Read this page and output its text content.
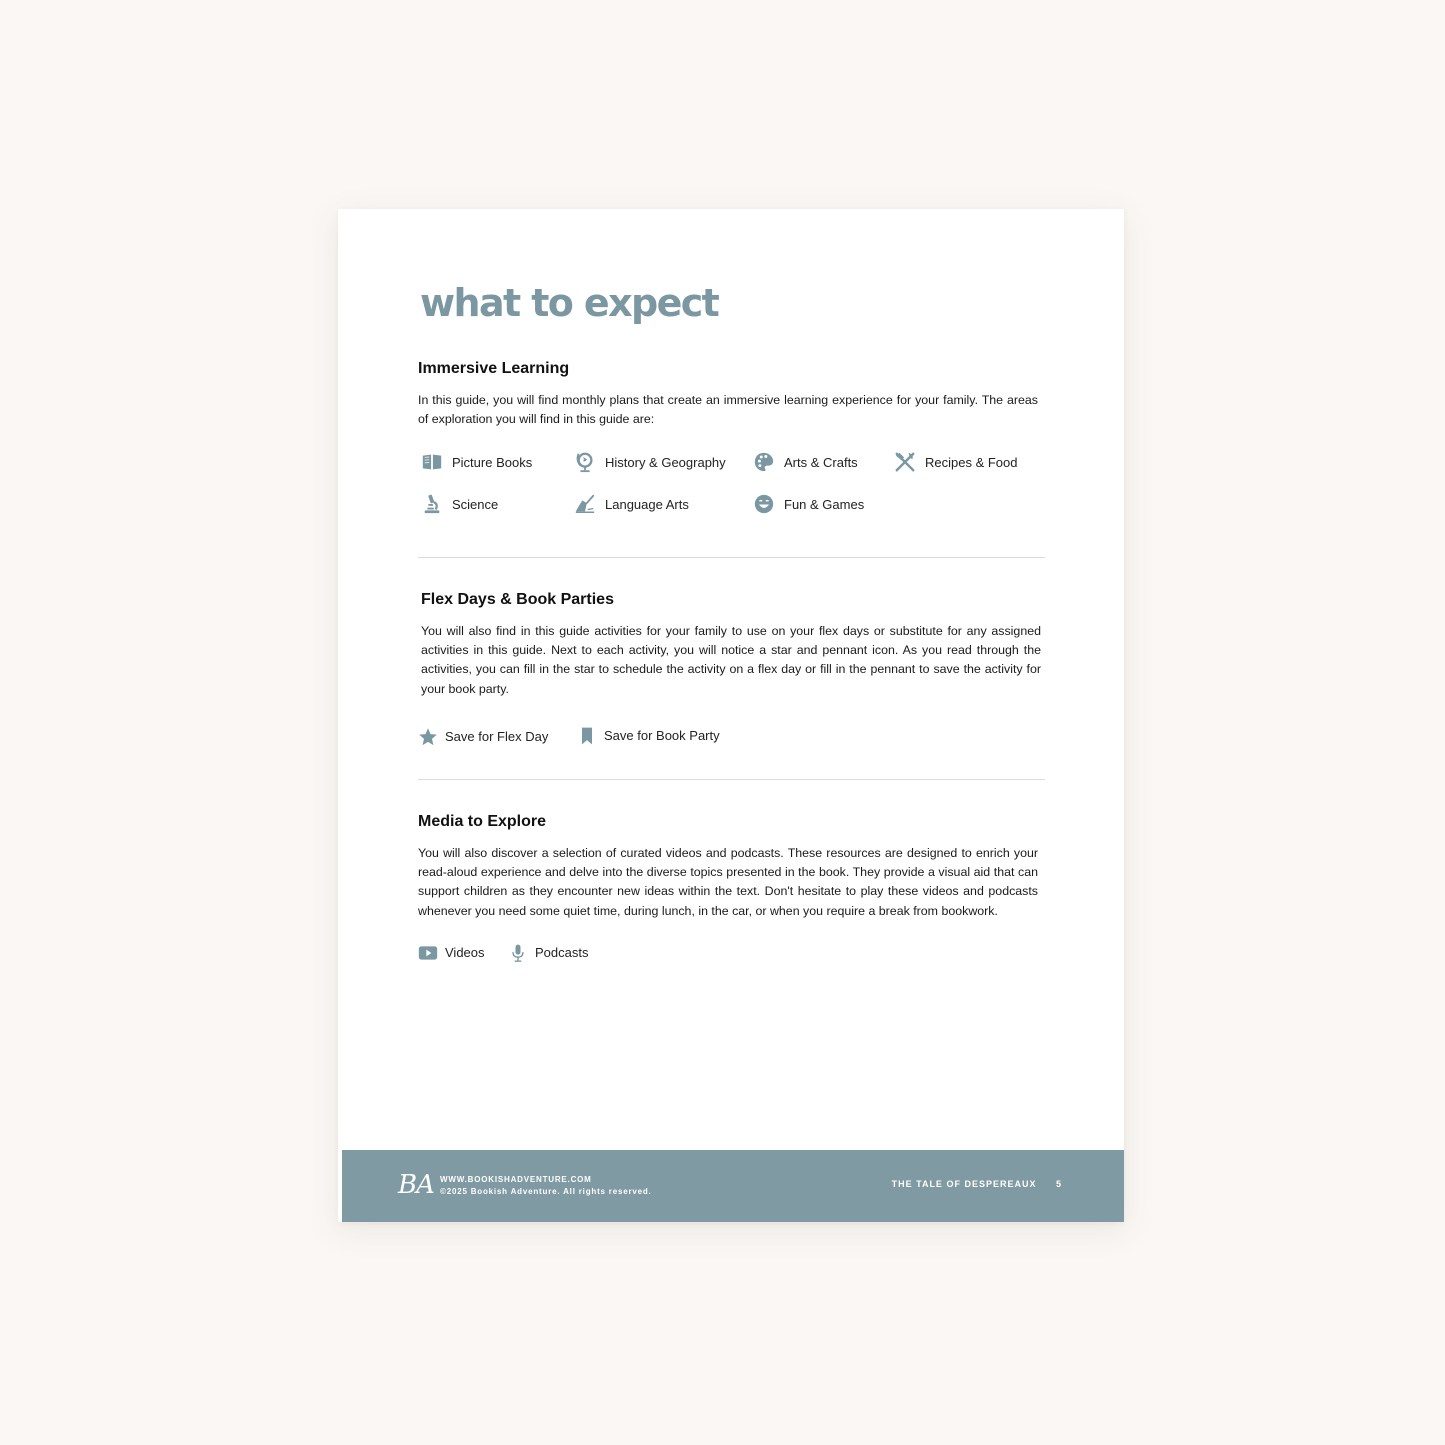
what to expect
Immersive Learning

In this guide, you will find monthly plans that create an immersive learning experience for your family. The areas of exploration you will find in this guide are:

Picture Books	History & Geography	Arts & Crafts	Recipes & Food
Science	Language Arts	Fun & Games
Flex Days & Book Parties

You will also find in this guide activities for your family to use on your flex days or substitute for any assigned activities in this guide. Next to each activity, you will notice a star and pennant icon. As you read through the activities, you can fill in the star to schedule the activity on a flex day or fill in the pennant to save the activity for your book party.

Save for Flex Day	Save for Book Party
Media to Explore

You will also discover a selection of curated videos and podcasts. These resources are designed to enrich your read-aloud experience and delve into the diverse topics presented in the book. They provide a visual aid that can support children as they encounter new ideas within the text. Don't hesitate to play these videos and podcasts whenever you need some quiet time, during lunch, in the car, or when you require a break from bookwork.

Videos	Podcasts
BA WWW.BOOKISHADVENTURE.COM
©2025 Bookish Adventure. All rights reserved.
THE TALE OF DESPEREAUX 5
